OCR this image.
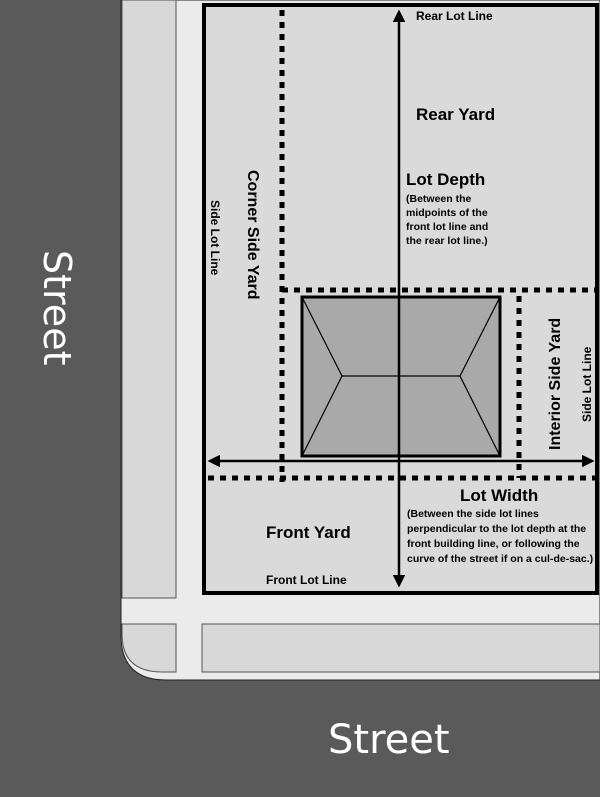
Rear Lot Line
Rear Yard
Lot Depth
(Between the
midpoints of the
front lot line and
the rear lot line.)
Corner Side Yard
Side Lot Line
Interior Side Yard Side Lot Line
Lot Width
(Between the side lot lines
perpendicular to the lot depth at the
front building line, or following the
curve of the street if on a cul-de-sac.)
Front Yard
Front Lot Line
Street
Street
